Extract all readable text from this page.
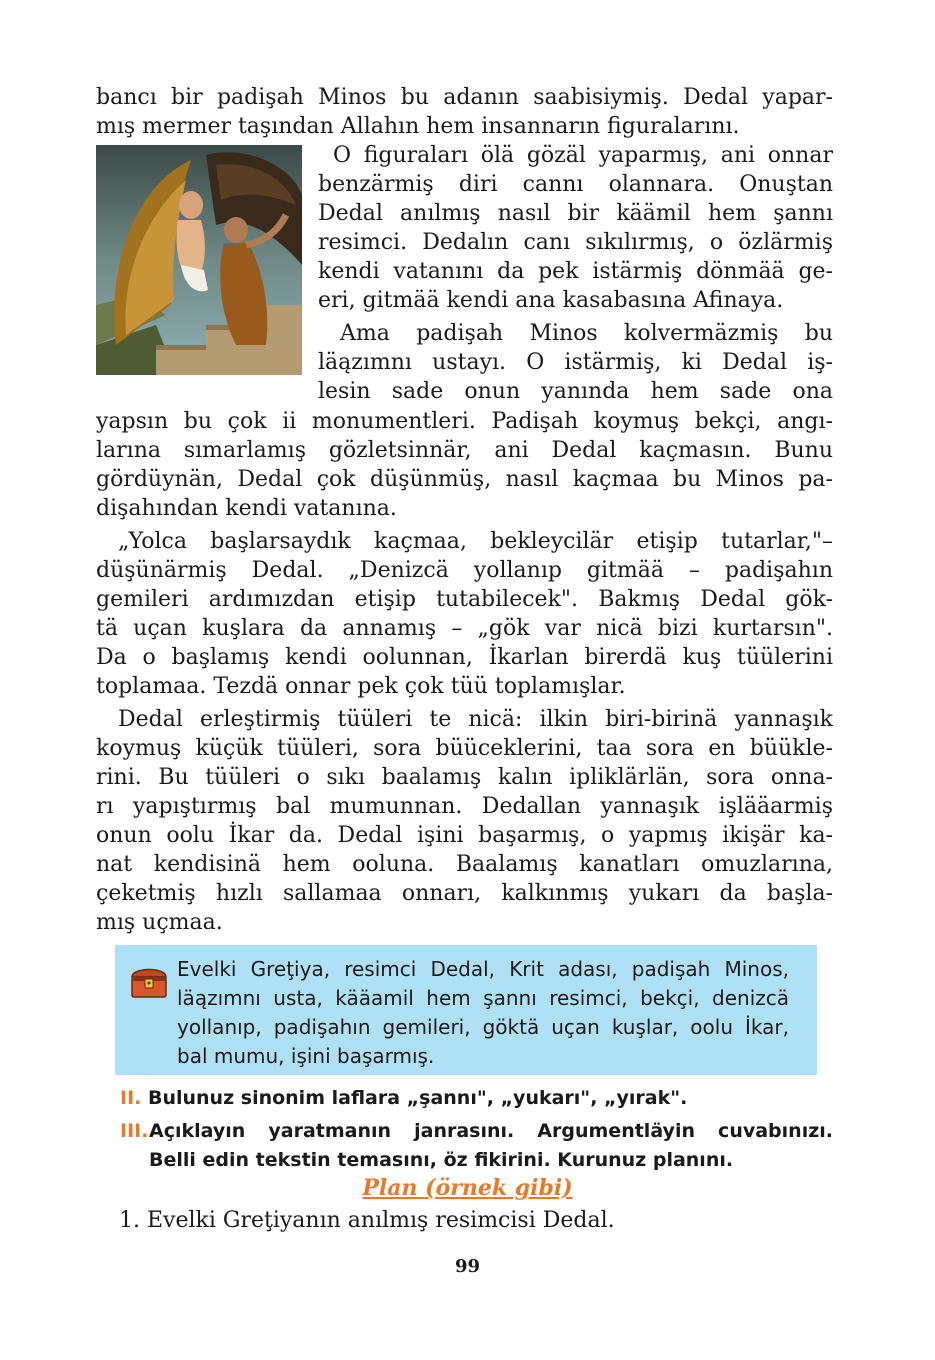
bancı bir padişah Minos bu adanın saabisiymiş. Dedal yapar-
mış mermer taşından Allahın hem insannarın figuralarını.
O figuraları ölä gözäl yaparmış, ani onnar
benzärmiş diri cannı olannara. Onuştan
Dedal anılmış nasıl bir käämil hem şannı
resimci. Dedalın canı sıkılırmış, o özlärmiş
kendi vatanını da pek istärmiş dönmää ge-
eri, gitmää kendi ana kasabasına Afinaya.
Ama padişah Minos kolvermäzmiş bu
läązımnı ustayı. O istärmiş, ki Dedal iş-
lesin sade onun yanında hem sade ona
yapsın bu çok ii monumentleri. Padişah koymuş bekçi, angı-
larına sımarlamış gözletsinnär, ani Dedal kaçmasın. Bunu
gördüynän, Dedal çok düşünmüş, nasıl kaçmaa bu Minos pa-
dişahından kendi vatanına.
„Yolca başlarsaydık kaçmaa, bekleycilär etişip tutarlar,"–
düşünärmiş Dedal. „Denizcä yollanıp gitmää – padişahın
gemileri ardımızdan etişip tutabilecek". Bakmış Dedal gök-
tä uçan kuşlara da annamış – „gök var nicä bizi kurtarsın".
Da o başlamış kendi oolunnan, İkarlan birerdä kuş tüülerini
toplamaa. Tezdä onnar pek çok tüü toplamışlar.
Dedal erleştirmiş tüüleri te nicä: ilkin biri-birinä yannaşık
koymuş küçük tüüleri, sora büüceklerini, taa sora en büükle-
rini. Bu tüüleri o sıkı baalamış kalın ipliklärlän, sora onna-
rı yapıştırmış bal mumunnan. Dedallan yannaşık işlääarmiş
onun oolu İkar da. Dedal işini başarmış, o yapmış ikişär ka-
nat kendisinä hem ooluna. Baalamış kanatları omuzlarına,
çeketmiş hızlı sallamaa onnarı, kalkınmış yukarı da başla-
mış uçmaa.
Evelki Greţiya, resimci Dedal, Krit adası, padişah Minos,
läązımnı usta, kääamil hem şannı resimci, bekçi, denizcä
yollanıp, padişahın gemileri, göktä uçan kuşlar, oolu İkar,
bal mumu, işini başarmış.
II. Bulunuz sinonim laflara „şannı", „yukarı", „yırak".
III. Açıklayın yaratmanın janrasını. Argumentläyin cuvabınızı.
Belli edin tekstin temasını, öz fikirini. Kurunuz planını.
Plan (örnek gibi)
1. Evelki Greţiyanın anılmış resimcisi Dedal.
99
